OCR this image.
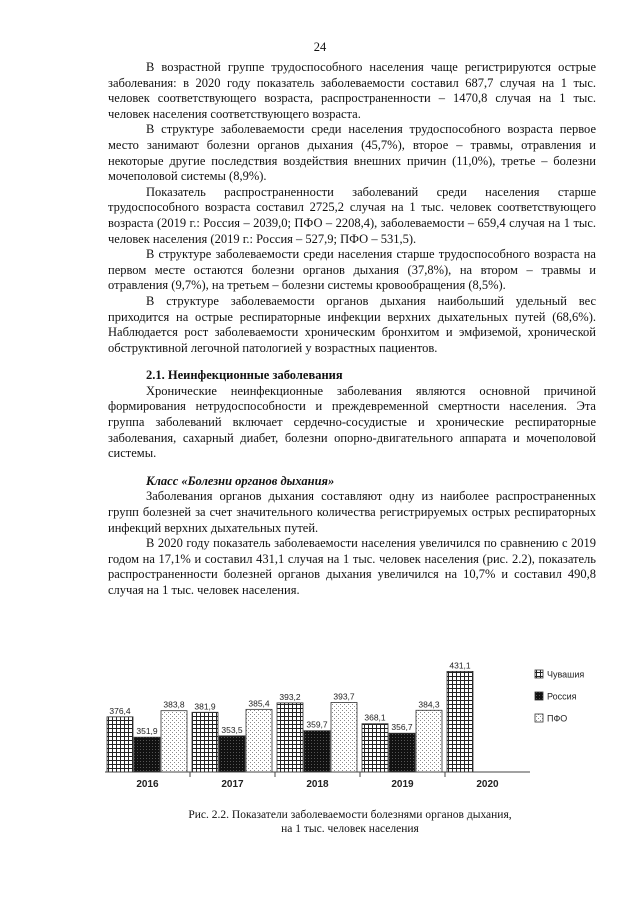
24

В возрастной группе трудоспособного населения чаще регистрируются острые заболевания: в 2020 году показатель заболеваемости составил 687,7 случая на 1 тыс. человек соответствующего возраста, распространенности – 1470,8 случая на 1 тыс. человек населения соответствующего возраста.

В структуре заболеваемости среди населения трудоспособного возраста первое место занимают болезни органов дыхания (45,7%), второе – травмы, отравления и некоторые другие последствия воздействия внешних причин (11,0%), третье – болезни мочеполовой системы (8,9%).

Показатель распространенности заболеваний среди населения старше трудоспособного возраста составил 2725,2 случая на 1 тыс. человек соответствующего возраста (2019 г.: Россия – 2039,0; ПФО – 2208,4), заболеваемости – 659,4 случая на 1 тыс. человек населения (2019 г.: Россия – 527,9; ПФО – 531,5).

В структуре заболеваемости среди населения старше трудоспособного возраста на первом месте остаются болезни органов дыхания (37,8%), на втором – травмы и отравления (9,7%), на третьем – болезни системы кровообращения (8,5%).

В структуре заболеваемости органов дыхания наибольший удельный вес приходится на острые респираторные инфекции верхних дыхательных путей (68,6%). Наблюдается рост заболеваемости хроническим бронхитом и эмфиземой, хронической обструктивной легочной патологией у возрастных пациентов.

2.1. Неинфекционные заболевания

Хронические неинфекционные заболевания являются основной причиной формирования нетрудоспособности и преждевременной смертности населения. Эта группа заболеваний включает сердечно-сосудистые и хронические респираторные заболевания, сахарный диабет, болезни опорно-двигательного аппарата и мочеполовой системы.

Класс «Болезни органов дыхания»

Заболевания органов дыхания составляют одну из наиболее распространенных групп болезней за счет значительного количества регистрируемых острых респираторных инфекций верхних дыхательных путей.

В 2020 году показатель заболеваемости населения увеличился по сравнению с 2019 годом на 17,1% и составил 431,1 случая на 1 тыс. человек населения (рис. 2.2), показатель распространенности болезней органов дыхания увеличился на 10,7% и составил 490,8 случая на 1 тыс. человек населения.

376,4
351,9
383,8 381,9
353,5
385,4
393,2
359,7
393,7
368,1
356,7
384,3
431,1
2016	2017	2018	2019	2020
Чувашия
Россия
ПФО
Рис. 2.2. Показатели заболеваемости болезнями органов дыхания,
на 1 тыс. человек населения
